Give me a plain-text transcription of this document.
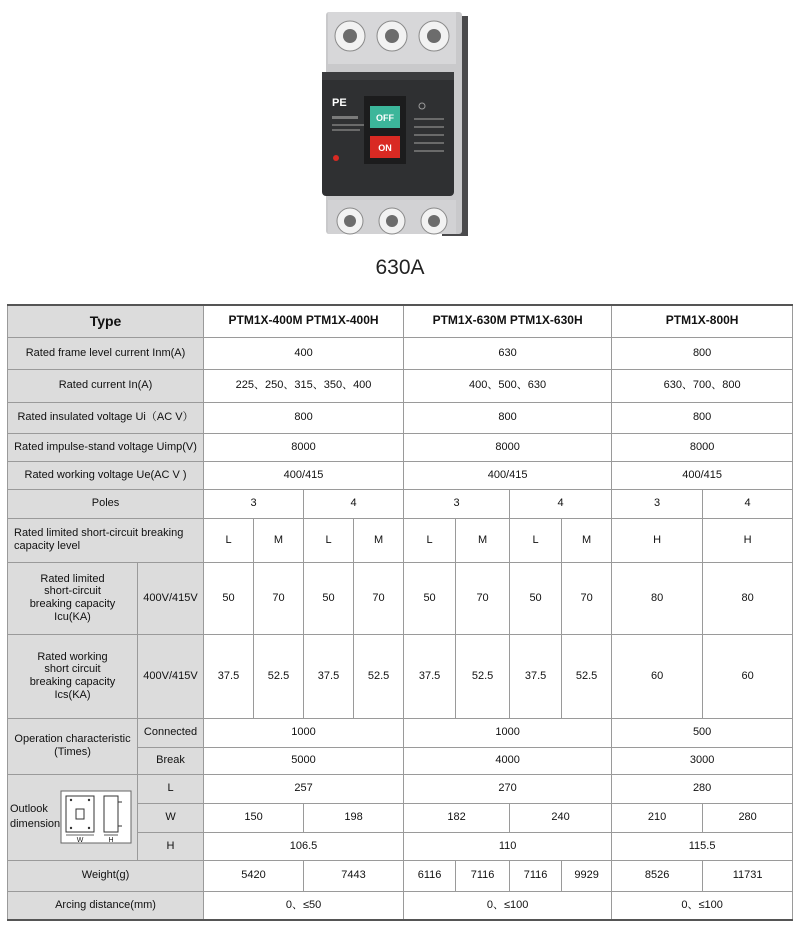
PE
OFF
ON
630A
Type		PTM1X-400M PTM1X-400H				PTM1X-630M PTM1X-630H				PTM1X-800H	
Rated frame level current Inm(A)		400				630				800	
Rated current In(A)		225、250、315、350、400				400、500、630				630、700、800	
Rated insulated voltage Ui（AC V）		800				800				800	
Rated impulse-stand voltage Uimp(V)		8000				8000				8000	
Rated working voltage Ue(AC V )		400/415				400/415				400/415	
Poles		3		4		3		4		3	4
Rated limited short-circuit breaking capacity level		L	M	L	M	L	M	L	M	H	H

Rated limited short-circuit breaking capacity Icu(KA)	400V/415V	50	70	50	70	50	70	50	70	80	80

Rated working short circuit breaking capacity Ics(KA)	400V/415V	37.5	52.5	37.5	52.5	37.5	52.5	37.5	52.5	60	60

Operation characteristic (Times)	Connected	1000				1000				500	
	Break	5000				4000				3000	

Outlook dimension
W H	L	257				270				280	
	W	150		198		182		240		210	280
	H	106.5				110				115.5	
Weight(g)		5420		7443		6116	7116	7116	9929	8526	11731
Arcing distance(mm)		0、≤50				0、≤100				0、≤100	
